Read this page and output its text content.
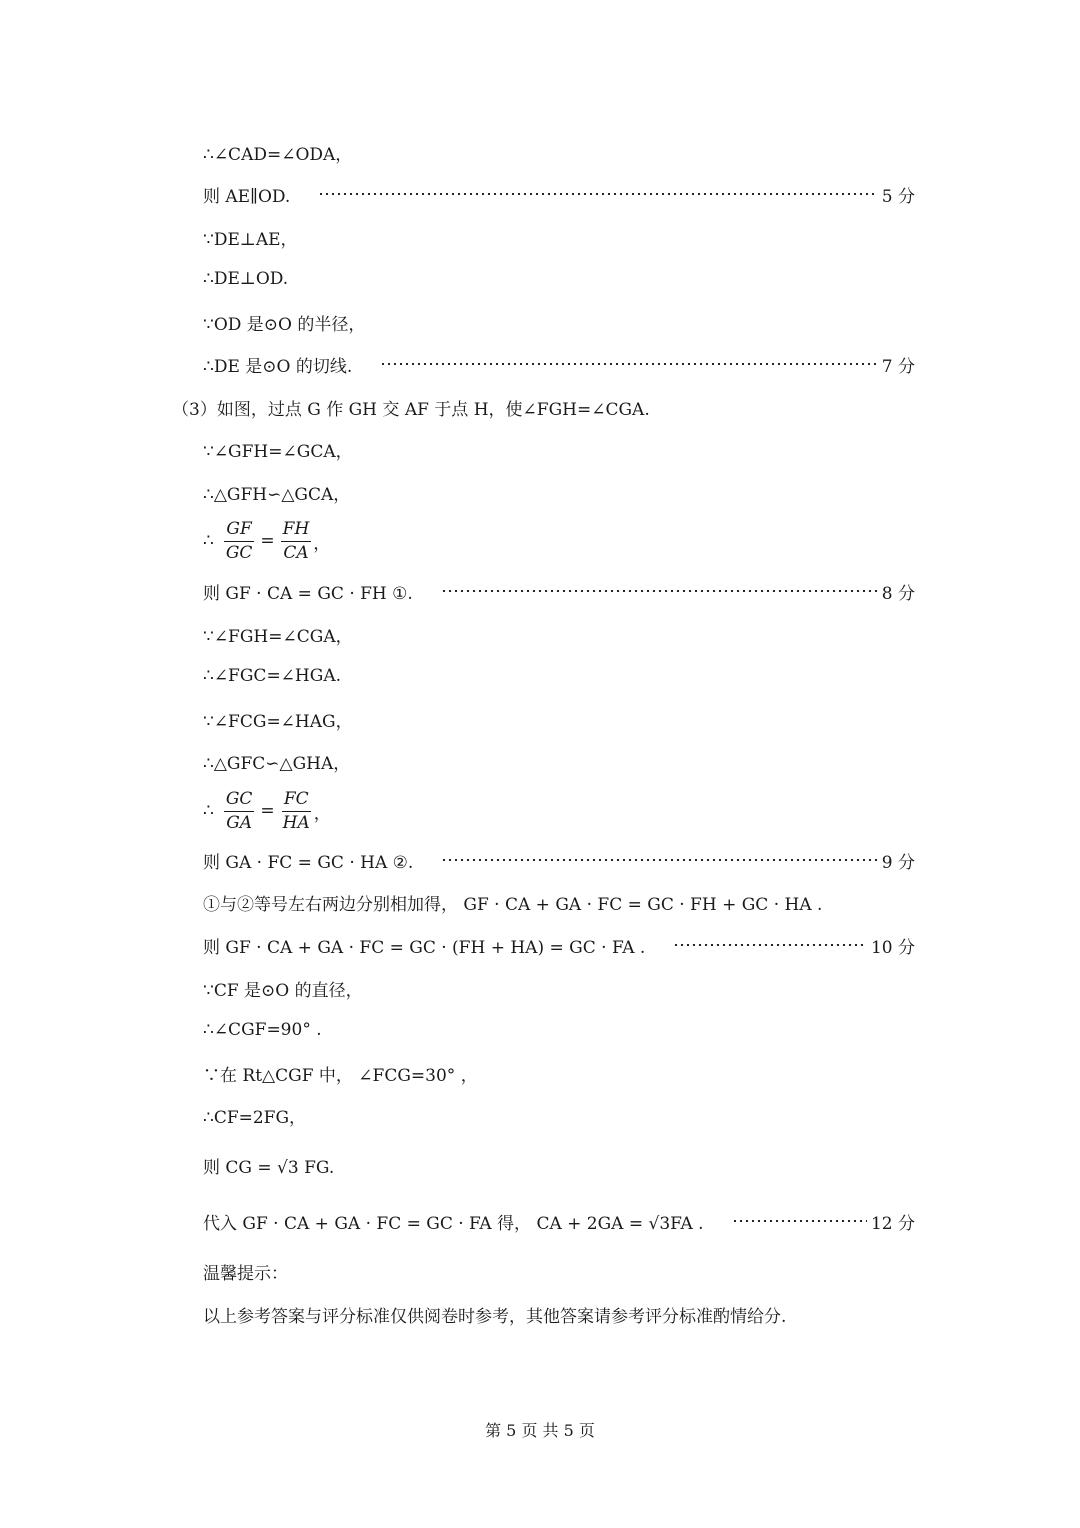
∴∠CAD=∠ODA，
则 AE∥OD.	5 分
∵DE⊥AE，
∴DE⊥OD.
∵OD 是⊙O 的半径，
∴DE 是⊙O 的切线.	7 分
（3）如图，过点 G 作 GH 交 AF 于点 H，使∠FGH=∠CGA.
∵∠GFH=∠GCA，
∴△GFH∽△GCA，
∴ $\frac{GF}{GC} = \frac{FH}{CA}$ ，
则 GF · CA = GC · FH ①.	8 分
∵∠FGH=∠CGA，
∴∠FGC=∠HGA.
∵∠FCG=∠HAG，
∴△GFC∽△GHA，
∴ $\frac{GC}{GA} = \frac{FC}{HA}$ ，
则 GA · FC = GC · HA ②.	9 分
①与②等号左右两边分别相加得， GF · CA + GA · FC = GC · FH + GC · HA .
则 GF · CA + GA · FC = GC · (FH + HA) = GC · FA .	10 分
∵CF 是⊙O 的直径，
∴∠CGF=90° .
∵在 Rt△CGF 中， ∠FCG=30° ，
∴CF=2FG，
则 CG = √3 FG.
代入 GF · CA + GA · FC = GC · FA 得， CA + 2GA = √3FA .	12 分
温馨提示：
以上参考答案与评分标准仅供阅卷时参考，其他答案请参考评分标准酌情给分.
第 5 页 共 5 页
